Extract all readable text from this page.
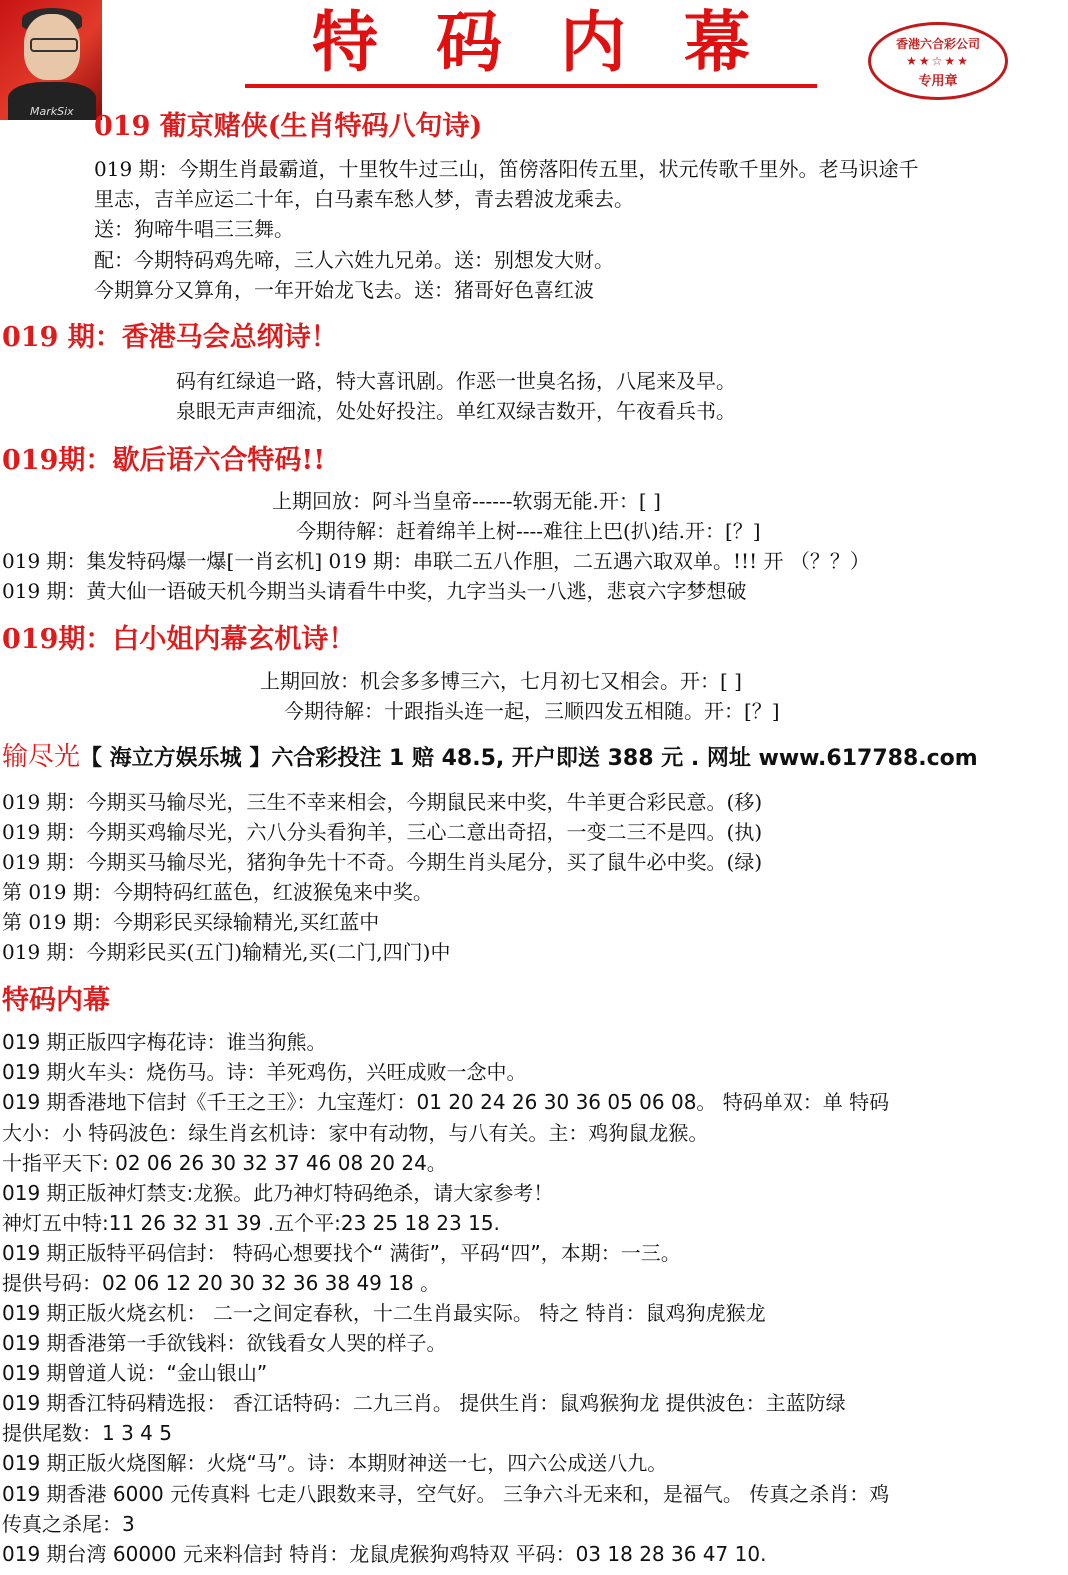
MarkSix
特码内幕	香港六合彩公司
★★☆★★
专用章
019 葡京赌侠(生肖特码八句诗)
019 期：今期生肖最霸道，十里牧牛过三山，笛傍落阳传五里，状元传歌千里外。老马识途千
里志，吉羊应运二十年，白马素车愁人梦，青去碧波龙乘去。
送：狗啼牛唱三三舞。
配：今期特码鸡先啼，三人六姓九兄弟。送：别想发大财。
今期算分又算角，一年开始龙飞去。送：猪哥好色喜红波
019 期：香港马会总纲诗！
码有红绿追一路，特大喜讯剧。作恶一世臭名扬，八尾来及早。
泉眼无声声细流，处处好投注。单红双绿吉数开，午夜看兵书。
019期：歇后语六合特码!!
上期回放：阿斗当皇帝------软弱无能.开：[ ]
今期待解：赶着绵羊上树----难往上巴(扒)结.开：[？]
019 期：集发特码爆一爆[一肖玄机] 019 期：串联二五八作胆，二五遇六取双单。!!! 开 （？？）
019 期：黄大仙一语破天机今期当头请看牛中奖，九字当头一八逃，悲哀六字梦想破
019期：白小姐内幕玄机诗！
上期回放：机会多多博三六，七月初七又相会。开：[ ]
今期待解：十跟指头连一起，三顺四发五相随。开：[？]
输尽光【 海立方娱乐城 】六合彩投注 1 赔 48.5, 开户即送 388 元 . 网址 www.617788.com
019 期：今期买马输尽光，三生不幸来相会，今期鼠民来中奖，牛羊更合彩民意。(移)
019 期：今期买鸡输尽光，六八分头看狗羊，三心二意出奇招，一变二三不是四。(执)
019 期：今期买马输尽光，猪狗争先十不奇。今期生肖头尾分，买了鼠牛必中奖。(绿)
第 019 期：今期特码红蓝色，红波猴兔来中奖。
第 019 期：今期彩民买绿输精光,买红蓝中
019 期：今期彩民买(五门)输精光,买(二门,四门)中
特码内幕
019 期正版四字梅花诗：谁当狗熊。
019 期火车头：烧伤马。诗：羊死鸡伤，兴旺成败一念中。
019 期香港地下信封《千王之王》：九宝莲灯：01 20 24 26 30 36 05 06 08。 特码单双：单 特码
大小：小 特码波色：绿生肖玄机诗：家中有动物，与八有关。主：鸡狗鼠龙猴。
十指平天下: 02 06 26 30 32 37 46 08 20 24。
019 期正版神灯禁支:龙猴。此乃神灯特码绝杀，请大家参考！
神灯五中特:11 26 32 31 39 .五个平:23 25 18 23 15.
019 期正版特平码信封： 特码心想要找个“ 满街”，平码“四”，本期：一三。
提供号码：02 06 12 20 30 32 36 38 49 18 。
019 期正版火烧玄机： 二一之间定春秋，十二生肖最实际。 特之 特肖：鼠鸡狗虎猴龙
019 期香港第一手欲钱料：欲钱看女人哭的样子。
019 期曾道人说：“金山银山”
019 期香江特码精选报： 香江话特码：二九三肖。 提供生肖：鼠鸡猴狗龙 提供波色：主蓝防绿
提供尾数：1 3 4 5
019 期正版火烧图解：火烧“马”。诗：本期财神送一七，四六公成送八九。
019 期香港 6000 元传真料 七走八跟数来寻，空气好。 三争六斗无来和，是福气。 传真之杀肖：鸡
传真之杀尾：3
019 期台湾 60000 元来料信封 特肖：龙鼠虎猴狗鸡特双 平码：03 18 28 36 47 10.
